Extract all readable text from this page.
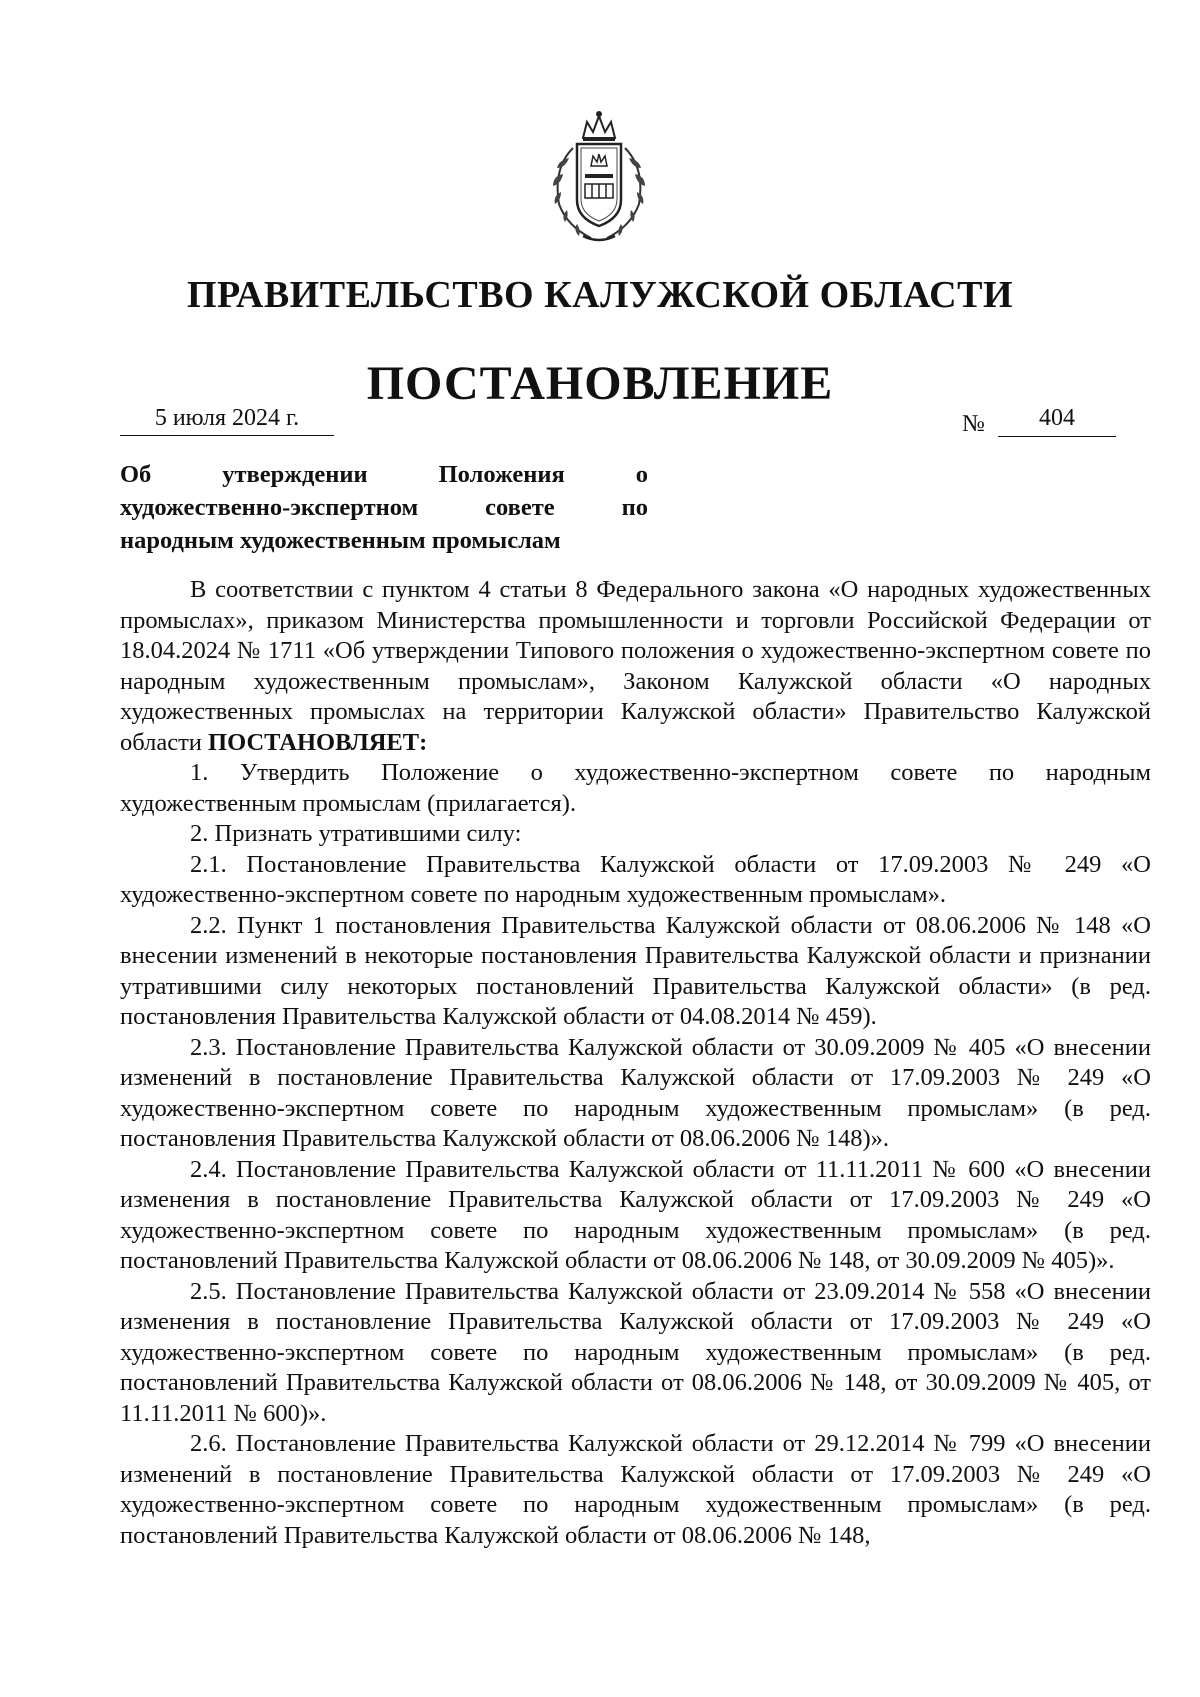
ПРАВИТЕЛЬСТВО КАЛУЖСКОЙ ОБЛАСТИ
ПОСТАНОВЛЕНИЕ
5 июля 2024 г.	№	404
Об утверждении Положения о
художественно-экспертном совете по
народным художественным промыслам

В соответствии с пунктом 4 статьи 8 Федерального закона «О народных художественных промыслах», приказом Министерства промышленности и торговли Российской Федерации от 18.04.2024 № 1711 «Об утверждении Типового положения о художественно-экспертном совете по народным художественным промыслам», Законом Калужской области «О народных художественных промыслах на территории Калужской области» Правительство Калужской области ПОСТАНОВЛЯЕТ:

1. Утвердить Положение о художественно-экспертном совете по народным художественным промыслам (прилагается).

2. Признать утратившими силу:

2.1. Постановление Правительства Калужской области от 17.09.2003 № 249 «О художественно-экспертном совете по народным художественным промыслам».

2.2. Пункт 1 постановления Правительства Калужской области от 08.06.2006 № 148 «О внесении изменений в некоторые постановления Правительства Калужской области и признании утратившими силу некоторых постановлений Правительства Калужской области» (в ред. постановления Правительства Калужской области от 04.08.2014 № 459).

2.3. Постановление Правительства Калужской области от 30.09.2009 № 405 «О внесении изменений в постановление Правительства Калужской области от 17.09.2003 № 249 «О художественно-экспертном совете по народным художественным промыслам» (в ред. постановления Правительства Калужской области от 08.06.2006 № 148)».

2.4. Постановление Правительства Калужской области от 11.11.2011 № 600 «О внесении изменения в постановление Правительства Калужской области от 17.09.2003 № 249 «О художественно-экспертном совете по народным художественным промыслам» (в ред. постановлений Правительства Калужской области от 08.06.2006 № 148, от 30.09.2009 № 405)».

2.5. Постановление Правительства Калужской области от 23.09.2014 № 558 «О внесении изменения в постановление Правительства Калужской области от 17.09.2003 № 249 «О художественно-экспертном совете по народным художественным промыслам» (в ред. постановлений Правительства Калужской области от 08.06.2006 № 148, от 30.09.2009 № 405, от 11.11.2011 № 600)».

2.6. Постановление Правительства Калужской области от 29.12.2014 № 799 «О внесении изменений в постановление Правительства Калужской области от 17.09.2003 № 249 «О художественно-экспертном совете по народным художественным промыслам» (в ред. постановлений Правительства Калужской области от 08.06.2006 № 148,
